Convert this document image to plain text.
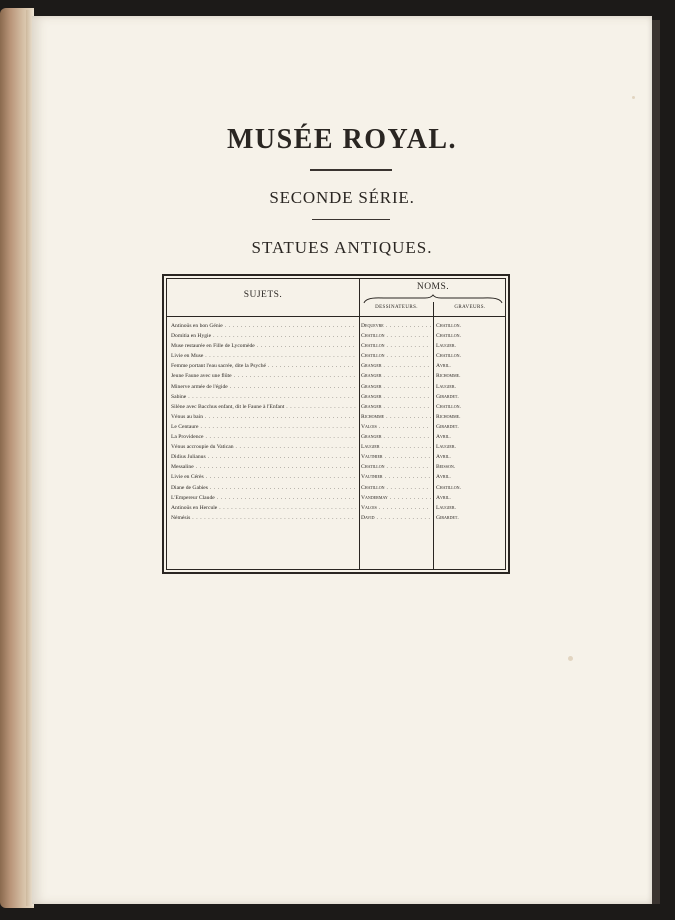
MUSÉE ROYAL.
SECONDE SÉRIE.
STATUES ANTIQUES.
SUJETS.
NOMS.
DESSINATEURS.	GRAVEURS.
Antinoüs en bon Génie . . .	Dequevre . . .	Chatillon.
Domitia en Hygie . . .	Chatillon . . .	Chatillon.
Muse restaurée en Fille de Lycomède . . .	Chatillon . . .	Laugier.
Livie en Muse . . .	Chatillon . . .	Chatillon.
Femme portant l'eau sacrée, dite la Psyché . . .	Granger . . .	Avril.
Jeune Faune avec une flûte . . .	Granger . . .	Richomme.
Minerve armée de l'égide . . .	Granger . . .	Laugier.
Sabine . . .	Granger . . .	Girardet.
Silène avec Bacchus enfant, dit le Faune à l'Enfant . . .	Granger . . .	Chatillon.
Vénus au bain . . .	Richomme . . .	Richomme.
Le Centaure . . .	Valois . . .	Girardet.
La Providence . . .	Granger . . .	Avril.
Vénus accroupie du Vatican . . .	Laugier . . .	Laugier.
Didius Julianus . . .	Vauthier . . .	Avril.
Messaline . . .	Chatillon . . .	Beisson.
Livie en Cérès . . .	Vauthier . . .	Avril.
Diane de Gabies . . .	Chatillon . . .	Chatillon.
L'Empereur Claude . . .	Vandermay . . .	Avril.
Antinoüs en Hercule . . .	Valois . . .	Laugier.
Némésis . . .	David . . .	Girardet.
